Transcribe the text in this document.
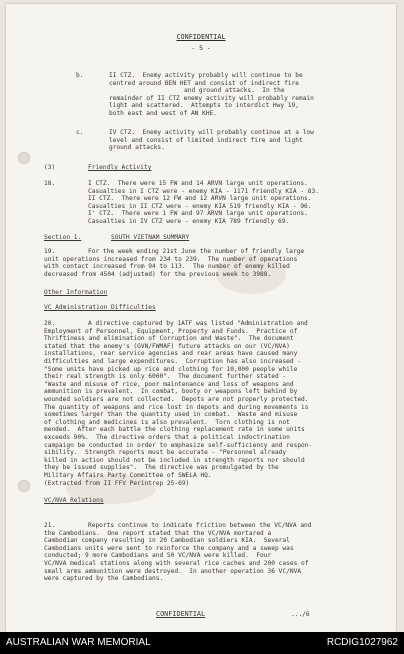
CONFIDENTIAL
- 5 -
b.	II CTZ.  Enemy activity probably will continue to be
centred around BEN HET and consist of indirect fire
and ground attacks.  In the
remainder of II CTZ enemy activity will probably remain
light and scattered.  Attempts to interdict Hwy 19,
both east and west of AN KHE.
c.	IV CTZ.  Enemy activity will probably continue at a low
level and consist of limited indirect fire and light
ground attacks.
(3)	Friendly Activity
18.	I CTZ.  There were 15 FW and 14 ARVN large unit operations.
Casualties in I CTZ were - enemy KIA - 1171 friendly KIA - 83.
II CTZ.  There were 12 FW and 12 ARVN large unit operations.
Casualties in II CTZ were - enemy KIA 519 friendly KIA - 96.
I' CTZ.  There were 1 FW and 97 ARVN large unit operations.
Casualties in IV CTZ were - enemy KIA 789 friendly 69.
Section 1.	SOUTH VIETNAM SUMMARY
19.	For the week ending 21st June the number of friendly large
unit operations increased from 234 to 239.  The number of operations
with contact increased from 94 to 113.  The number of enemy killed
decreased from 4504 (adjusted) for the previous week to 3988.
Other Information
VC Administration Difficulties
20.	A directive captured by 1ATF was listed "Administration and
Employment of Personnel, Equipment, Property and Funds.  Practice of
Thriftiness and elimination of Corruption and Waste".  The document
stated that the enemy's (GVN/FWMAF) future attacks on our (VC/NVA)
installations, rear service agencies and rear areas have caused many
difficulties and large expenditures.  Corruption has also increased -
"Some units have picked up rice and clothing for 10,000 people while
their real strength is only 6000".  The document further stated -
"Waste and misuse of rice, poor maintenance and loss of weapons and
ammunition is prevalent.  In combat, booty or weapons left behind by
wounded soldiers are not collected.  Depots are not properly protected.
The quantity of weapons and rice lost in depots and during movements is
sometimes larger than the quantity used in combat.  Waste and misuse
of clothing and medicines is also prevalent.  Torn clothing is not
mended.  After each battle the clothing replacement rate in some units
exceeds 90%.  The directive orders that a political indoctrination
campaign be conducted in order to emphasize self-sufficiency and respon-
sibility.  Strength reports must be accurate - "Personnel already
killed in action should not be included in strength reports nor should
they be issued supplies".  The directive was promulgated by the
Military Affairs Party Committee of SWELA HQ.
(Extracted from II FFV Perintrep 25-69)
VC/NVA Relations
21.	Reports continue to indicate friction between the VC/NVA and
the Cambodians.  One report stated that the VC/NVA mortared a
Cambodian company resulting in 20 Cambodian soldiers KIA.  Several
Cambodians units were sent to reinforce the company and a sweep was
conducted; 9 more Cambodians and 50 VC/NVA were killed.  Four
VC/NVA medical stations along with several rice caches and 200 cases of
small arms ammunition were destroyed.  In another operation 36 VC/NVA
were captured by the Cambodians.
CONFIDENTIAL	.../6
AUSTRALIAN WAR MEMORIAL	RCDIG1027962
